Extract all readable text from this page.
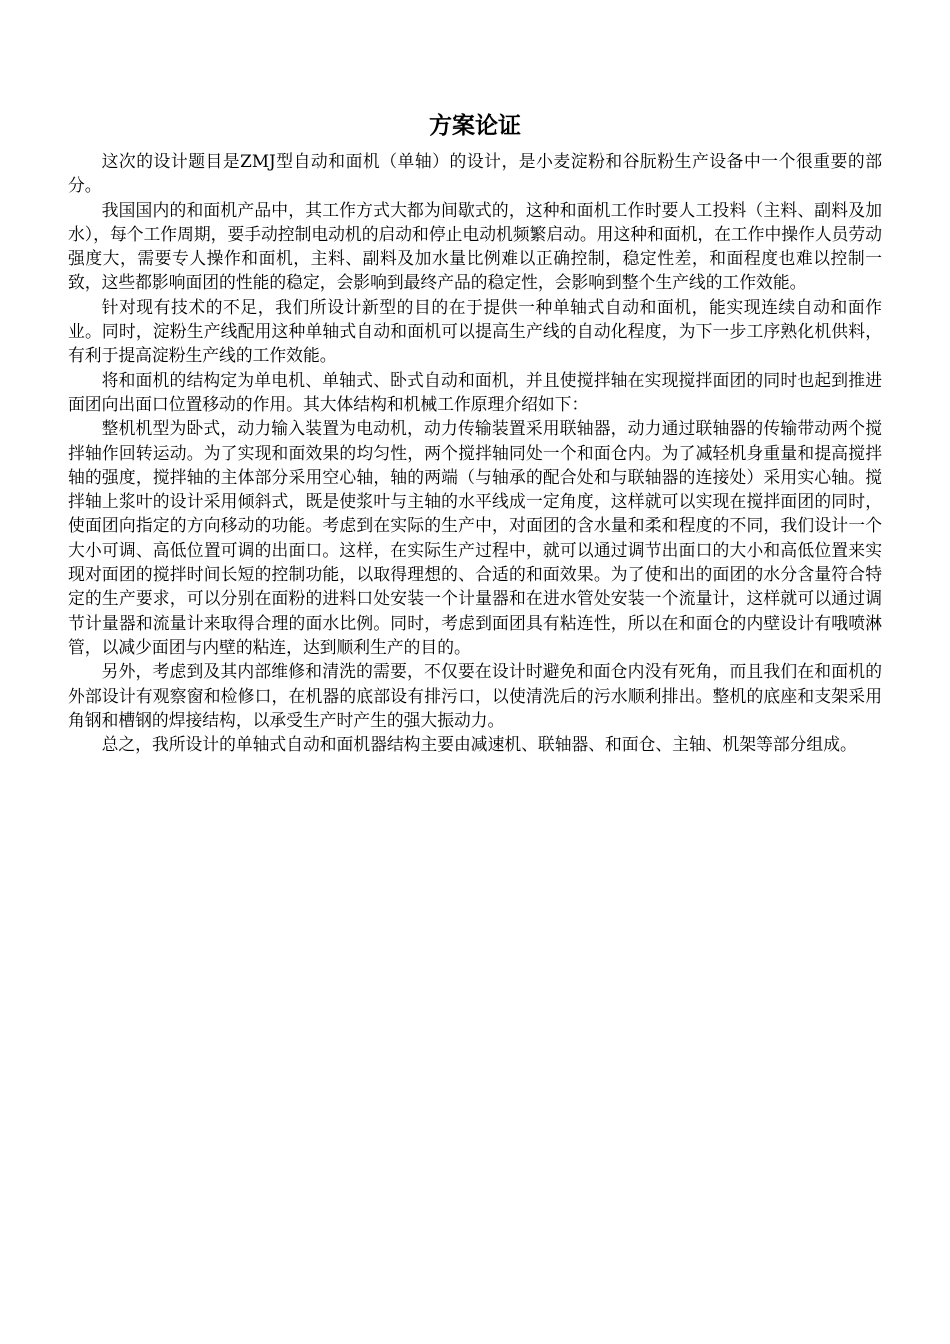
方案论证

这次的设计题目是ZMJ型自动和面机（单轴）的设计，是小麦淀粉和谷朊粉生产设备中一个很重要的部分。

我国国内的和面机产品中，其工作方式大都为间歇式的，这种和面机工作时要人工投料（主料、副料及加水），每个工作周期，要手动控制电动机的启动和停止电动机频繁启动。用这种和面机，在工作中操作人员劳动强度大，需要专人操作和面机，主料、副料及加水量比例难以正确控制，稳定性差，和面程度也难以控制一致，这些都影响面团的性能的稳定，会影响到最终产品的稳定性，会影响到整个生产线的工作效能。

针对现有技术的不足，我们所设计新型的目的在于提供一种单轴式自动和面机，能实现连续自动和面作业。同时，淀粉生产线配用这种单轴式自动和面机可以提高生产线的自动化程度，为下一步工序熟化机供料，有利于提高淀粉生产线的工作效能。

将和面机的结构定为单电机、单轴式、卧式自动和面机，并且使搅拌轴在实现搅拌面团的同时也起到推进面团向出面口位置移动的作用。其大体结构和机械工作原理介绍如下：

整机机型为卧式，动力输入装置为电动机，动力传输装置采用联轴器，动力通过联轴器的传输带动两个搅拌轴作回转运动。为了实现和面效果的均匀性，两个搅拌轴同处一个和面仓内。为了减轻机身重量和提高搅拌轴的强度，搅拌轴的主体部分采用空心轴，轴的两端（与轴承的配合处和与联轴器的连接处）采用实心轴。搅拌轴上浆叶的设计采用倾斜式，既是使浆叶与主轴的水平线成一定角度，这样就可以实现在搅拌面团的同时，使面团向指定的方向移动的功能。考虑到在实际的生产中，对面团的含水量和柔和程度的不同，我们设计一个大小可调、高低位置可调的出面口。这样，在实际生产过程中，就可以通过调节出面口的大小和高低位置来实现对面团的搅拌时间长短的控制功能，以取得理想的、合适的和面效果。为了使和出的面团的水分含量符合特定的生产要求，可以分别在面粉的进料口处安装一个计量器和在进水管处安装一个流量计，这样就可以通过调节计量器和流量计来取得合理的面水比例。同时，考虑到面团具有粘连性，所以在和面仓的内壁设计有哦喷淋管，以减少面团与内壁的粘连，达到顺利生产的目的。

另外，考虑到及其内部维修和清洗的需要，不仅要在设计时避免和面仓内没有死角，而且我们在和面机的外部设计有观察窗和检修口，在机器的底部设有排污口，以使清洗后的污水顺利排出。整机的底座和支架采用角钢和槽钢的焊接结构，以承受生产时产生的强大振动力。

总之，我所设计的单轴式自动和面机器结构主要由减速机、联轴器、和面仓、主轴、机架等部分组成。
